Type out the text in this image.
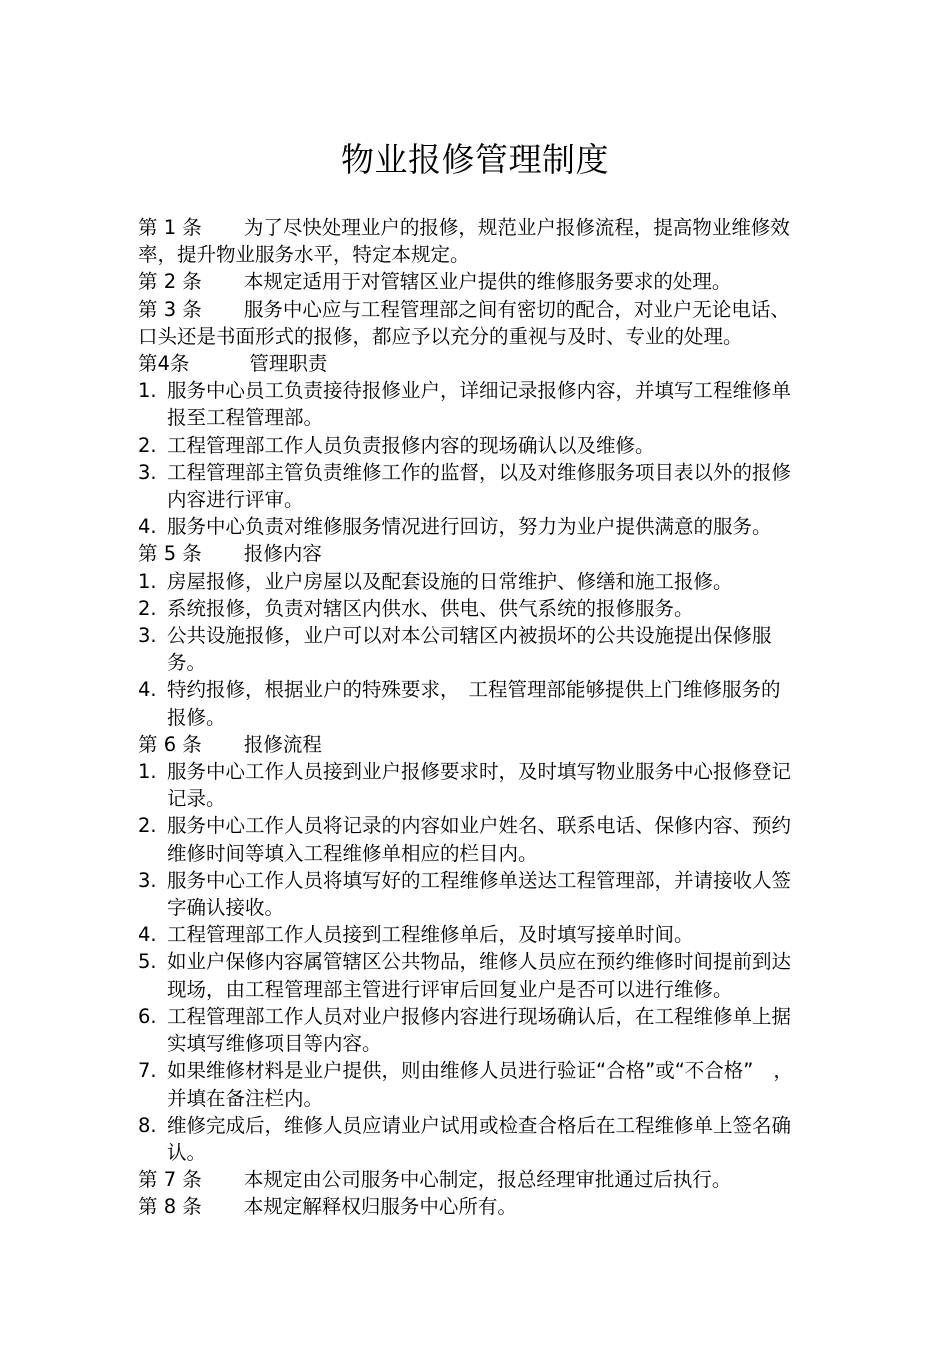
物业报修管理制度
第 1 条 为了尽快处理业户的报修，规范业户报修流程，提高物业维修效率，提升物业服务水平，特定本规定。
第 2 条 本规定适用于对管辖区业户提供的维修服务要求的处理。
第 3 条 服务中心应与工程管理部之间有密切的配合，对业户无论电话、口头还是书面形式的报修，都应予以充分的重视与及时、专业的处理。
第4条	管理职责
1. 服务中心员工负责接待报修业户，详细记录报修内容，并填写工程维修单报至工程管理部。
2. 工程管理部工作人员负责报修内容的现场确认以及维修。
3. 工程管理部主管负责维修工作的监督，以及对维修服务项目表以外的报修内容进行评审。
4. 服务中心负责对维修服务情况进行回访，努力为业户提供满意的服务。
第 5 条 报修内容
1. 房屋报修，业户房屋以及配套设施的日常维护、修缮和施工报修。
2. 系统报修，负责对辖区内供水、供电、供气系统的报修服务。
3. 公共设施报修，业户可以对本公司辖区内被损坏的公共设施提出保修服务。
4. 特约报修，根据业户的特殊要求， 工程管理部能够提供上门维修服务的报修。
第 6 条 报修流程
1. 服务中心工作人员接到业户报修要求时，及时填写物业服务中心报修登记记录。
2. 服务中心工作人员将记录的内容如业户姓名、联系电话、保修内容、预约维修时间等填入工程维修单相应的栏目内。
3. 服务中心工作人员将填写好的工程维修单送达工程管理部，并请接收人签字确认接收。
4. 工程管理部工作人员接到工程维修单后，及时填写接单时间。
5. 如业户保修内容属管辖区公共物品，维修人员应在预约维修时间提前到达现场，由工程管理部主管进行评审后回复业户是否可以进行维修。
6. 工程管理部工作人员对业户报修内容进行现场确认后，在工程维修单上据实填写维修项目等内容。
7. 如果维修材料是业户提供，则由维修人员进行验证“合格”或“不合格” ，并填在备注栏内。
8. 维修完成后，维修人员应请业户试用或检查合格后在工程维修单上签名确认。
第 7 条 本规定由公司服务中心制定，报总经理审批通过后执行。
第 8 条 本规定解释权归服务中心所有。
